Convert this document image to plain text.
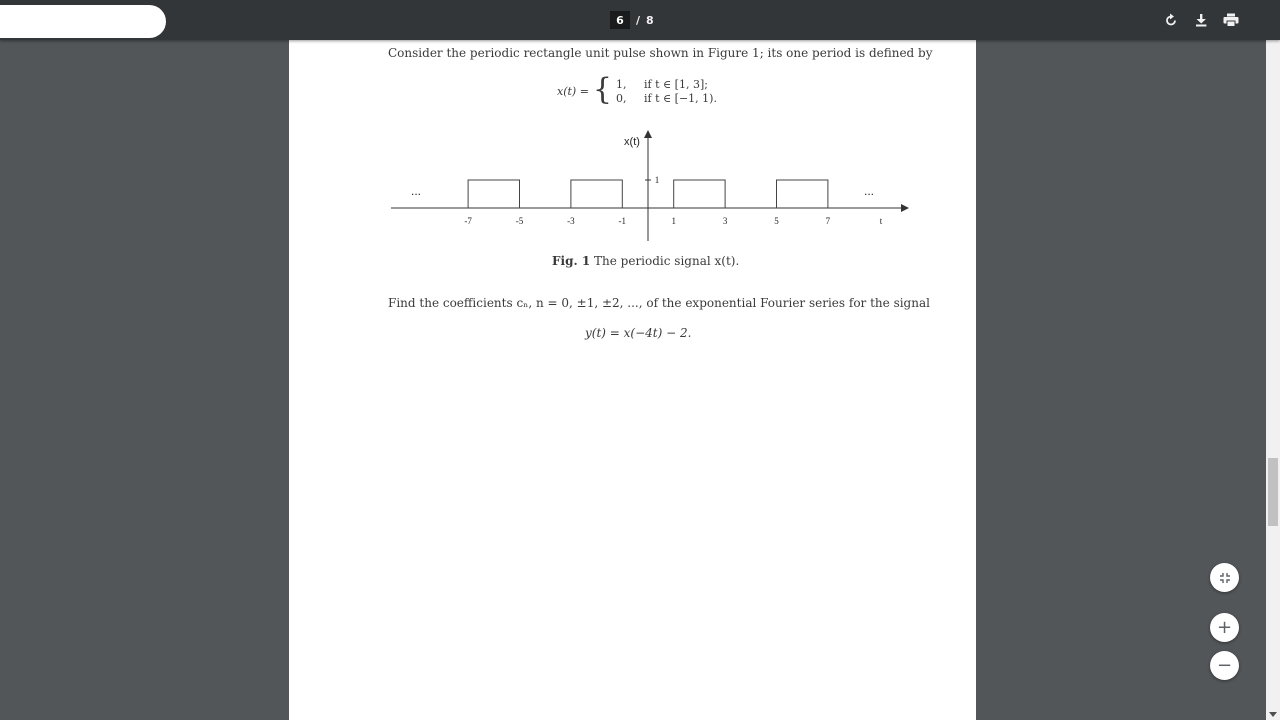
6	/ 8

Consider the periodic rectangle unit pulse shown in Figure 1; its one period is defined by

x(t) = { 1,	if t ∈ [1, 3];
0,	if t ∈ [−1, 1).
x(t)
1
...	...
t
-7	-5	-3	-1	1	3	5	7
Fig. 1 The periodic signal x(t).

Find the coefficients cₙ, n = 0, ±1, ±2, ..., of the exponential Fourier series for the signal

y(t) = x(−4t) − 2.
+
−
